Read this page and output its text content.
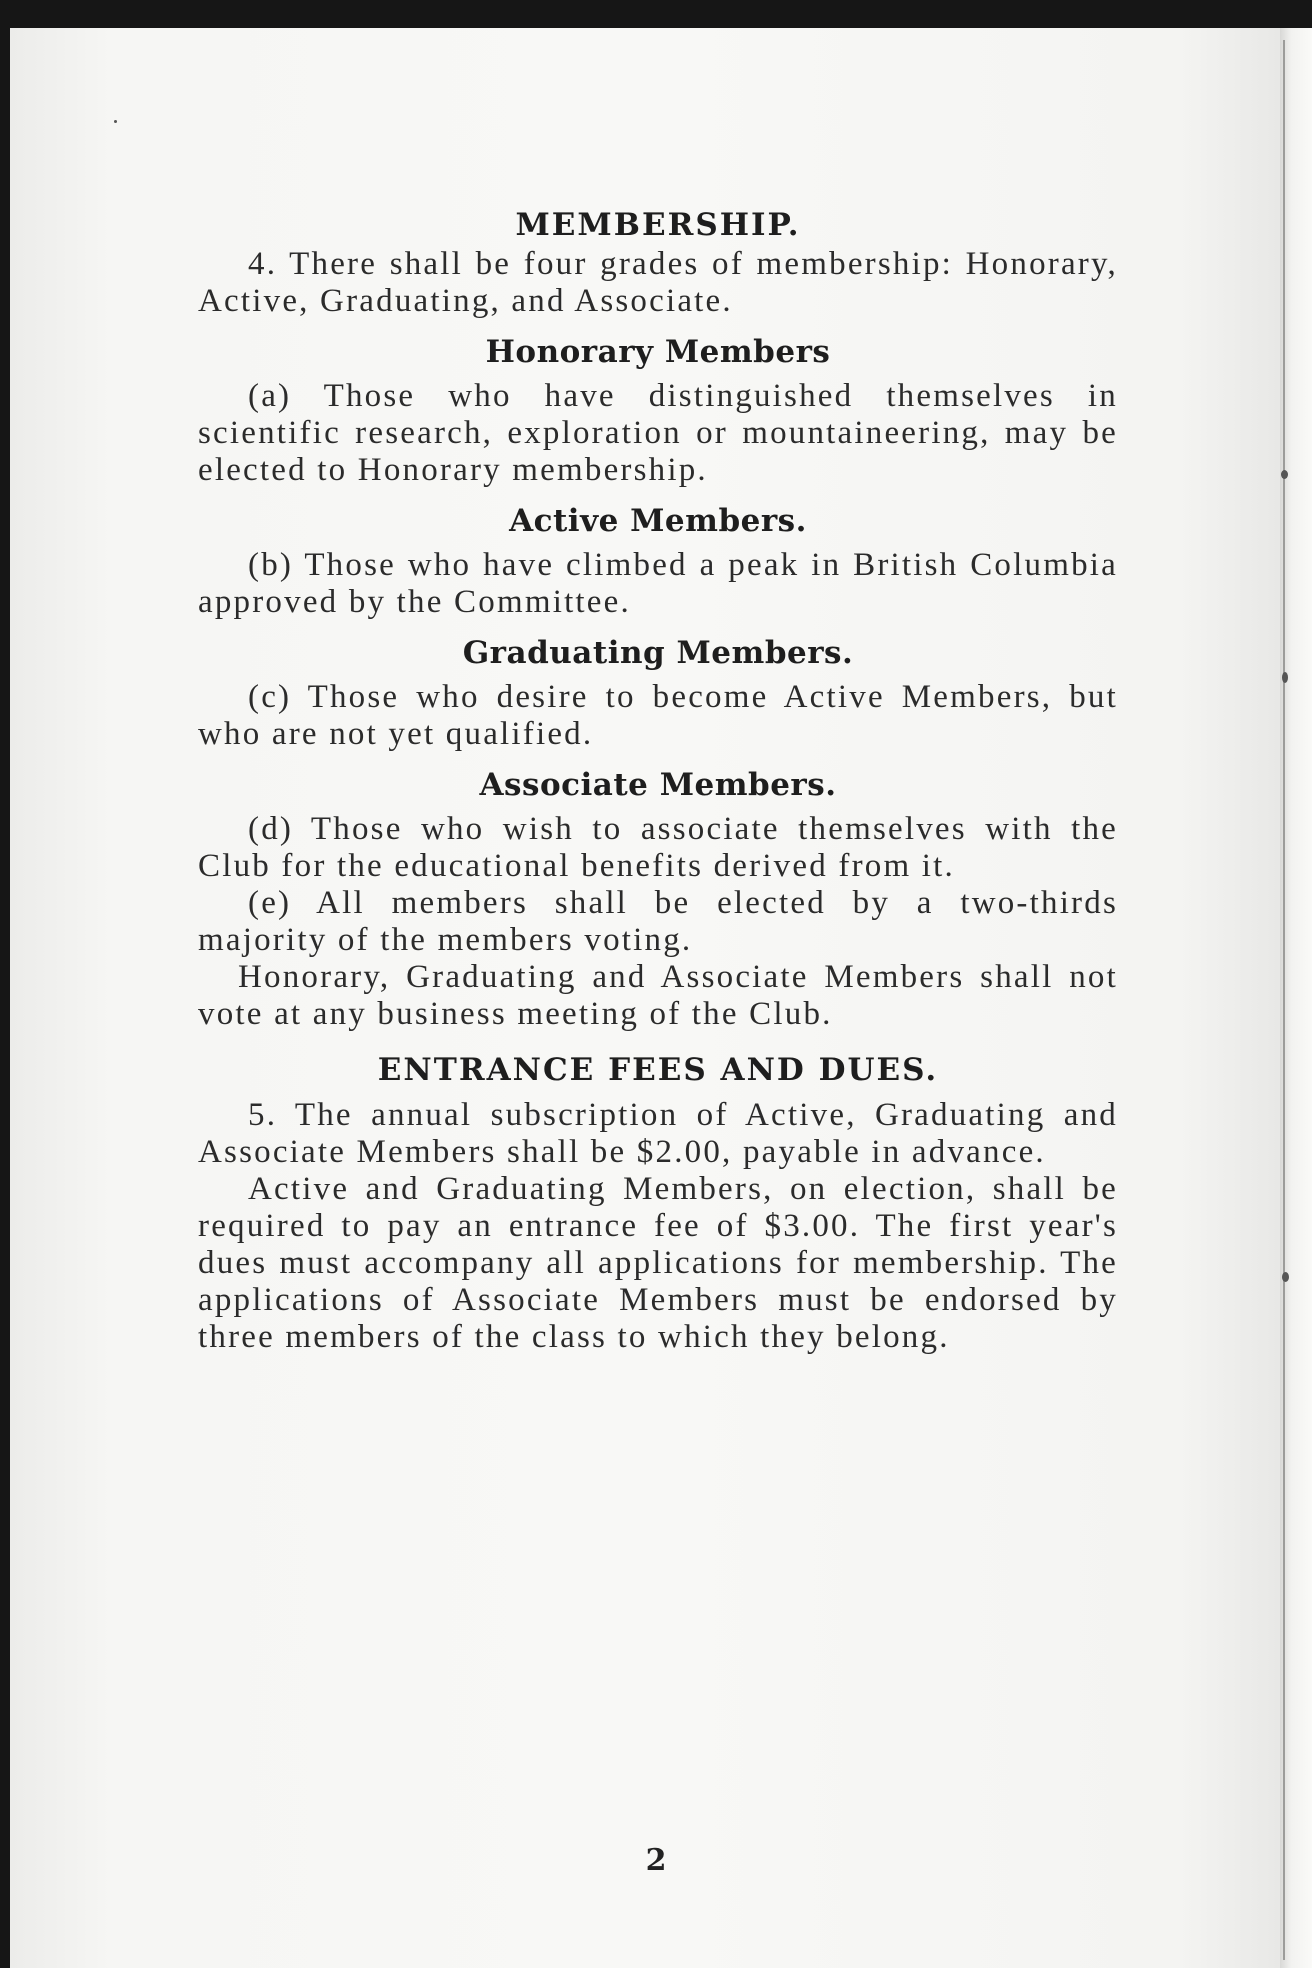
MEMBERSHIP.

4. There shall be four grades of membership: Honorary, Active, Graduating, and Associate.

Honorary Members

(a) Those who have distinguished themselves in scientific research, exploration or mountaineering, may be elected to Honorary membership.

Active Members.

(b) Those who have climbed a peak in British Columbia approved by the Committee.

Graduating Members.

(c) Those who desire to become Active Members, but who are not yet qualified.

Associate Members.

(d) Those who wish to associate themselves with the Club for the educational benefits derived from it.

(e) All members shall be elected by a two-thirds majority of the members voting.

Honorary, Graduating and Associate Members shall not vote at any business meeting of the Club.

ENTRANCE FEES AND DUES.

5. The annual subscription of Active, Graduating and Associate Members shall be $2.00, payable in advance.

Active and Graduating Members, on election, shall be required to pay an entrance fee of $3.00. The first year's dues must accompany all applications for membership. The applications of Associate Members must be endorsed by three members of the class to which they belong.

2
